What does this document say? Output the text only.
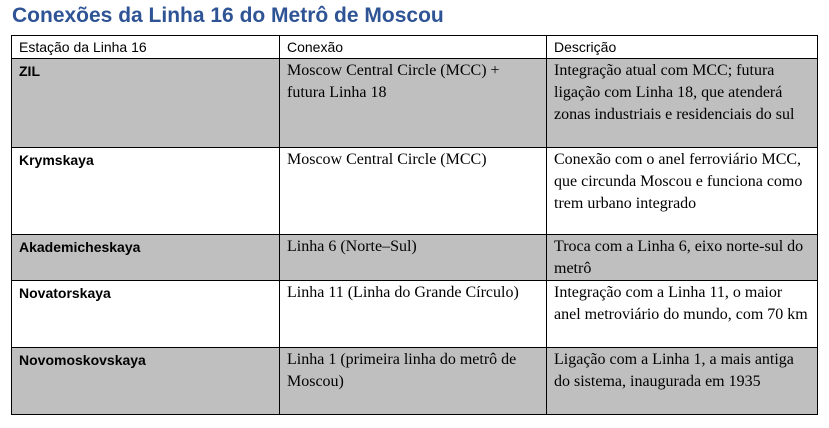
Conexões da Linha 16 do Metrô de Moscou
Estação da Linha 16	Conexão	Descrição
ZIL	Moscow Central Circle (MCC) + futura Linha 18	Integração atual com MCC; futura ligação com Linha 18, que atenderá zonas industriais e residenciais do sul
Krymskaya	Moscow Central Circle (MCC)	Conexão com o anel ferroviário MCC, que circunda Moscou e funciona como trem urbano integrado
Akademicheskaya	Linha 6 (Norte–Sul)	Troca com a Linha 6, eixo norte-sul do metrô
Novatorskaya	Linha 11 (Linha do Grande Círculo)	Integração com a Linha 11, o maior anel metroviário do mundo, com 70 km
Novomoskovskaya	Linha 1 (primeira linha do metrô de Moscou)	Ligação com a Linha 1, a mais antiga do sistema, inaugurada em 1935
